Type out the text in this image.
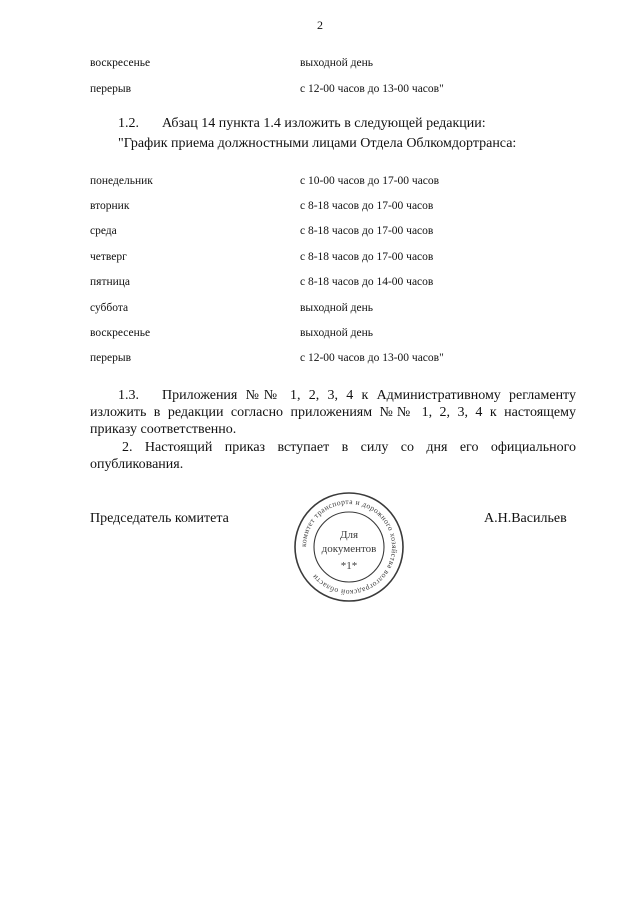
2
воскресенье	выходной день
перерыв	с 12-00 часов до 13-00 часов"
1.2. Абзац 14 пункта 1.4 изложить в следующей редакции:
"График приема должностными лицами Отдела Облкомдортранса:
понедельник	с 10-00 часов до 17-00 часов
вторник	с 8-18 часов до 17-00 часов
среда	с 8-18 часов до 17-00 часов
четверг	с 8-18 часов до 17-00 часов
пятница	с 8-18 часов до 14-00 часов
суббота	выходной день
воскресенье	выходной день
перерыв	с 12-00 часов до 13-00 часов"
1.3. Приложения №№ 1, 2, 3, 4 к Административному регламенту
изложить в редакции согласно приложениям №№ 1, 2, 3, 4 к настоящему
приказу соответственно.
2. Настоящий приказ вступает в силу со дня его официального
опубликования.
Председатель комитета	А.Н.Васильев
комитет транспорта и дорожного хозяйства волгоградской области
Для
документов
*1*
